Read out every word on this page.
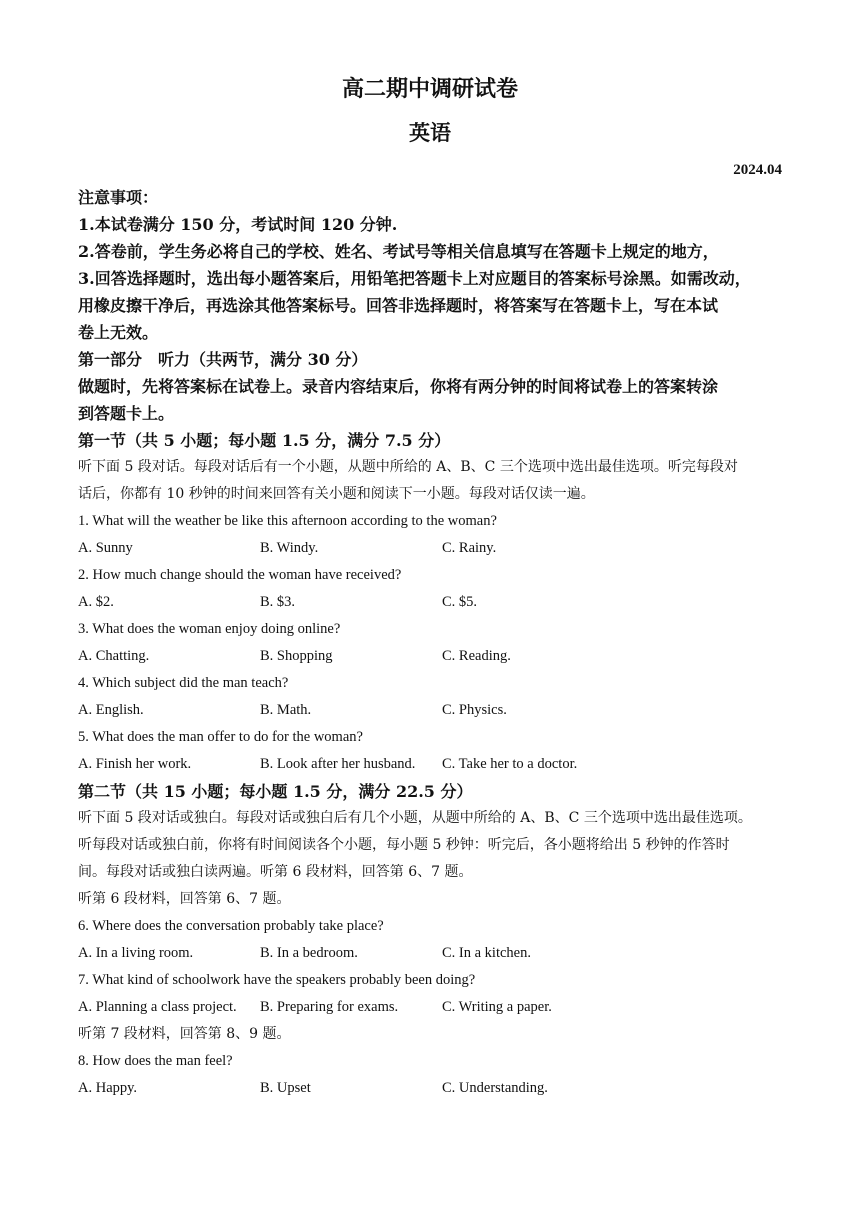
高二期中调研试卷
英语
2024.04
注意事项：
1.本试卷满分 150 分，考试时间 120 分钟.
2.答卷前，学生务必将自己的学校、姓名、考试号等相关信息填写在答题卡上规定的地方，
3.回答选择题时，选出每小题答案后，用铅笔把答题卡上对应题目的答案标号涂黑。如需改动，
用橡皮擦干净后，再选涂其他答案标号。回答非选择题时，将答案写在答题卡上，写在本试
卷上无效。
第一部分　听力（共两节，满分 30 分）
做题时，先将答案标在试卷上。录音内容结束后，你将有两分钟的时间将试卷上的答案转涂
到答题卡上。
第一节（共 5 小题；每小题 1.5 分，满分 7.5 分）
听下面 5 段对话。每段对话后有一个小题，从题中所给的 A、B、C 三个选项中选出最佳选项。听完每段对
话后，你都有 10 秒钟的时间来回答有关小题和阅读下一小题。每段对话仅读一遍。
1. What will the weather be like this afternoon according to the woman?
A. Sunny	B. Windy.	C. Rainy.
2. How much change should the woman have received?
A. $2.	B. $3.	C. $5.
3. What does the woman enjoy doing online?
A. Chatting.	B. Shopping	C. Reading.
4. Which subject did the man teach?
A. English.	B. Math.	C. Physics.
5. What does the man offer to do for the woman?
A. Finish her work.	B. Look after her husband. C. Take her to a doctor.
第二节（共 15 小题；每小题 1.5 分，满分 22.5 分）
听下面 5 段对话或独白。每段对话或独白后有几个小题，从题中所给的 A、B、C 三个选项中选出最佳选项。
听每段对话或独白前，你将有时间阅读各个小题，每小题 5 秒钟：听完后，各小题将给出 5 秒钟的作答时
间。每段对话或独白读两遍。听第 6 段材料，回答第 6、7 题。
听第 6 段材料，回答第 6、7 题。
6. Where does the conversation probably take place?
A. In a living room.	B. In a bedroom.	C. In a kitchen.
7. What kind of schoolwork have the speakers probably been doing?
A. Planning a class project. B. Preparing for exams.	C. Writing a paper.
听第 7 段材料，回答第 8、9 题。
8. How does the man feel?
A. Happy.	B. Upset	C. Understanding.
